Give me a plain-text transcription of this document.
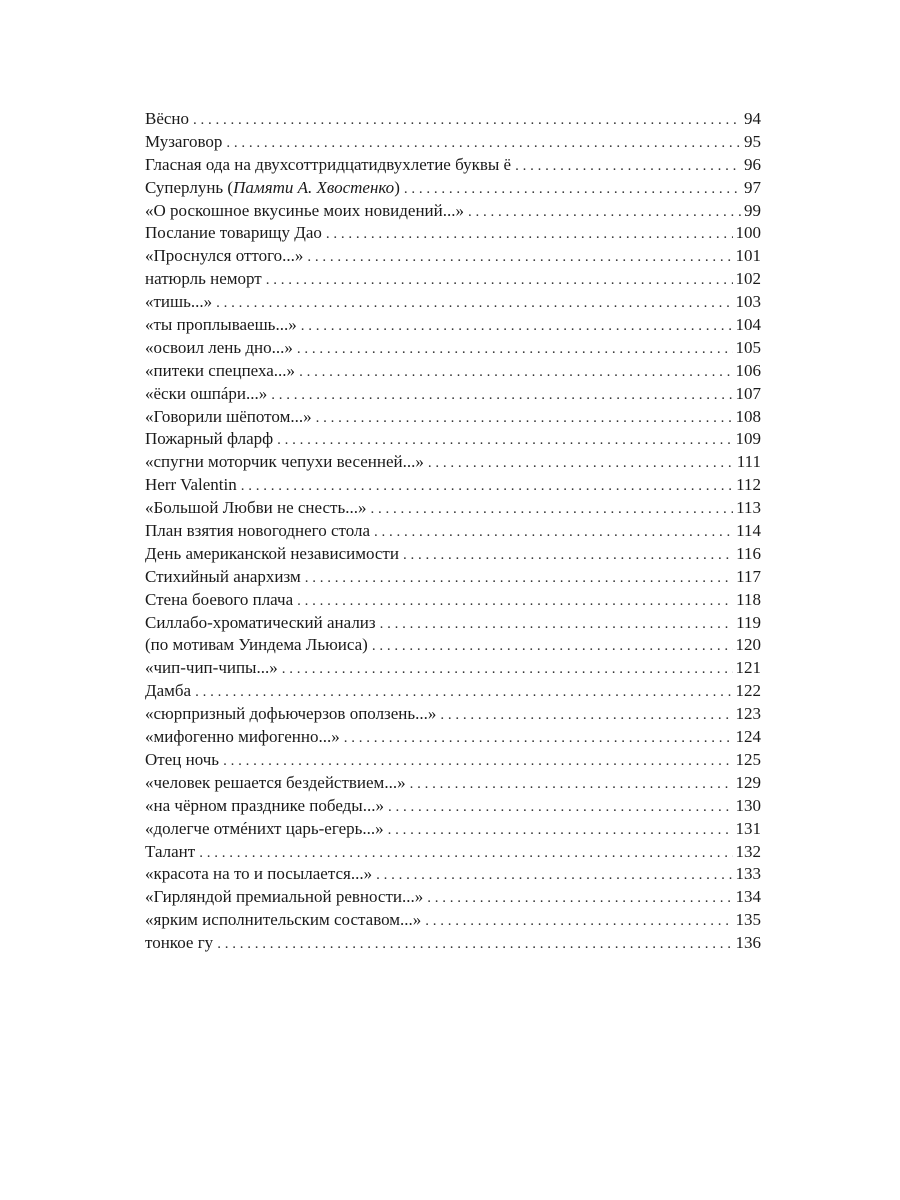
Вёсно . . .	94
Музаговор . . .	95
Гласная ода на двухсоттридцатидвухлетие буквы ё . . .	96
Суперлунь (Памяти А. Хвостенко) . . .	97
«О роскошное вкусинье моих новидений...» . . .	99
Послание товарищу Дао . . .	100
«Проснулся оттого...» . . .	101
натюрль неморт . . .	102
«тишь...» . . .	103
«ты проплываешь...» . . .	104
«освоил лень дно...» . . .	105
«питеки спецпеха...» . . .	106
«ёски ошпáри...» . . .	107
«Говорили шёпотом...» . . .	108
Пожарный фларф . . .	109
«спугни моторчик чепухи весенней...» . . .	111
Herr Valentin . . .	112
«Большой Любви не снесть...» . . .	113
План взятия новогоднего стола . . .	114
День американской независимости . . .	116
Стихийный анархизм . . .	117
Стена боевого плача . . .	118
Силлабо-хроматический анализ . . .	119
(по мотивам Уиндема Льюиса) . . .	120
«чип-чип-чипы...» . . .	121
Дамба . . .	122
«сюрпризный дофьючерзов оползень...» . . .	123
«мифогенно мифогенно...» . . .	124
Отец ночь . . .	125
«человек решается бездействием...» . . .	129
«на чёрном празднике победы...» . . .	130
«долегче отмéнихт царь-егерь...» . . .	131
Талант . . .	132
«красота на то и посылается...» . . .	133
«Гирляндой премиальной ревности...» . . .	134
«ярким исполнительским составом...» . . .	135
тонкое гу . . .	136
